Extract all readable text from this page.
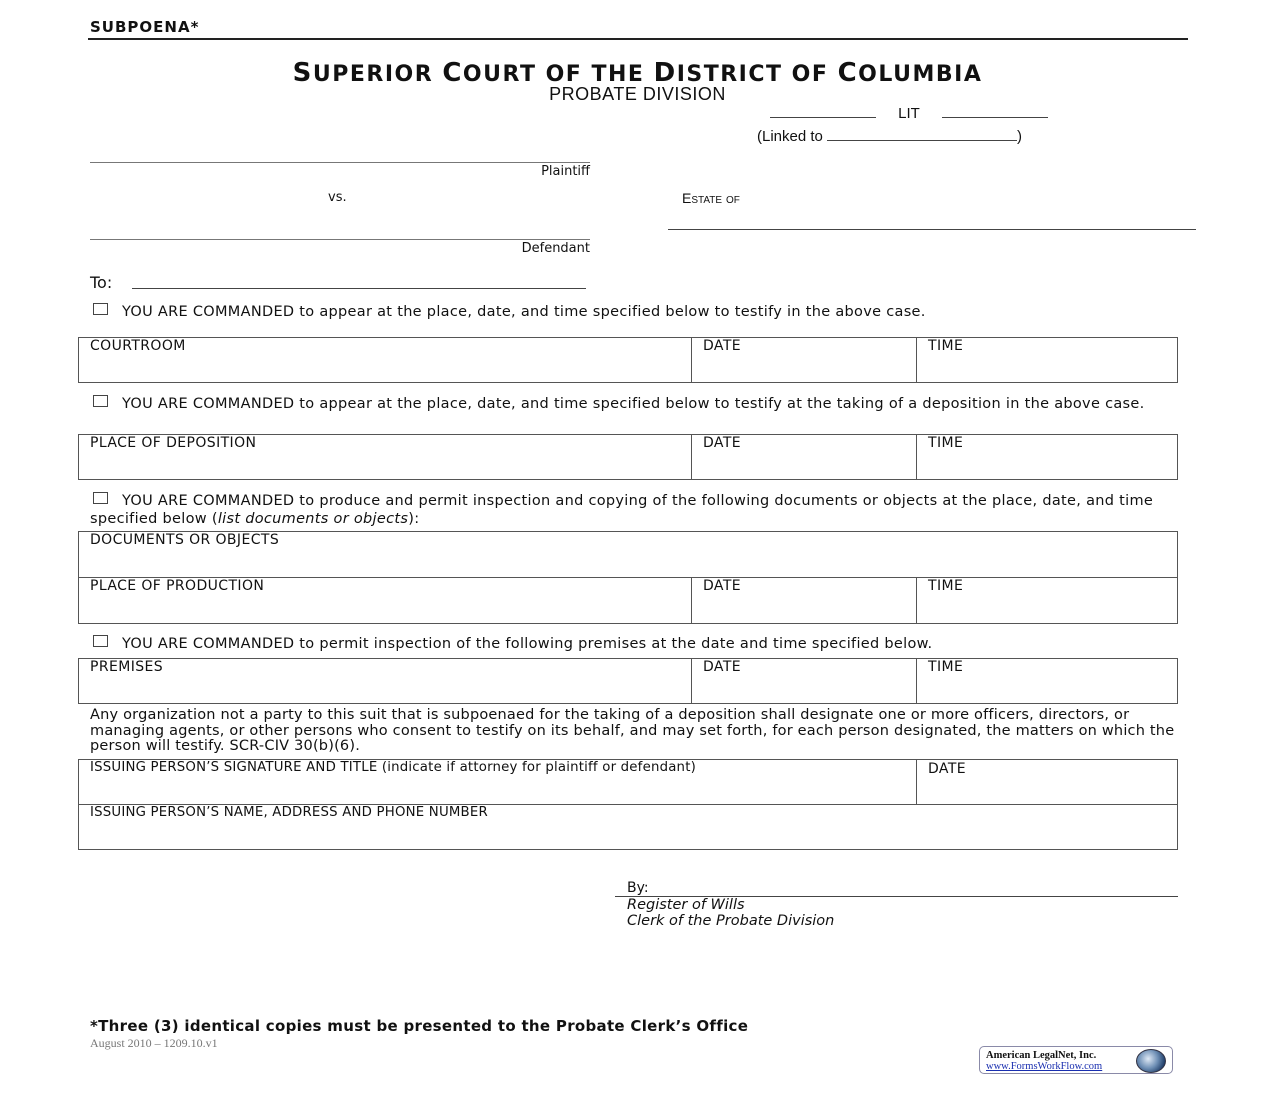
SUBPOENA*
SUPERIOR COURT OF THE DISTRICT OF COLUMBIA
PROBATE DIVISION
LIT
(Linked to	)
Plaintiff
vs.	Estate of
Defendant
To:
YOU ARE COMMANDED to appear at the place, date, and time specified below to testify in the above case.
COURTROOM	DATE	TIME
YOU ARE COMMANDED to appear at the place, date, and time specified below to testify at the taking of a deposition in the above case.
PLACE OF DEPOSITION	DATE	TIME
YOU ARE COMMANDED to produce and permit inspection and copying of the following documents or objects at the place, date, and time specified below (list documents or objects):
DOCUMENTS OR OBJECTS
PLACE OF PRODUCTION	DATE	TIME
YOU ARE COMMANDED to permit inspection of the following premises at the date and time specified below.
PREMISES	DATE	TIME
Any organization not a party to this suit that is subpoenaed for the taking of a deposition shall designate one or more officers, directors, or managing agents, or other persons who consent to testify on its behalf, and may set forth, for each person designated, the matters on which the person will testify. SCR-CIV 30(b)(6).
ISSUING PERSON’S SIGNATURE AND TITLE (indicate if attorney for plaintiff or defendant)	DATE
ISSUING PERSON’S NAME, ADDRESS AND PHONE NUMBER
By:
Register of Wills
Clerk of the Probate Division
*Three (3) identical copies must be presented to the Probate Clerk’s Office
August 2010 – 1209.10.v1
American LegalNet, Inc.
www.FormsWorkFlow.com
